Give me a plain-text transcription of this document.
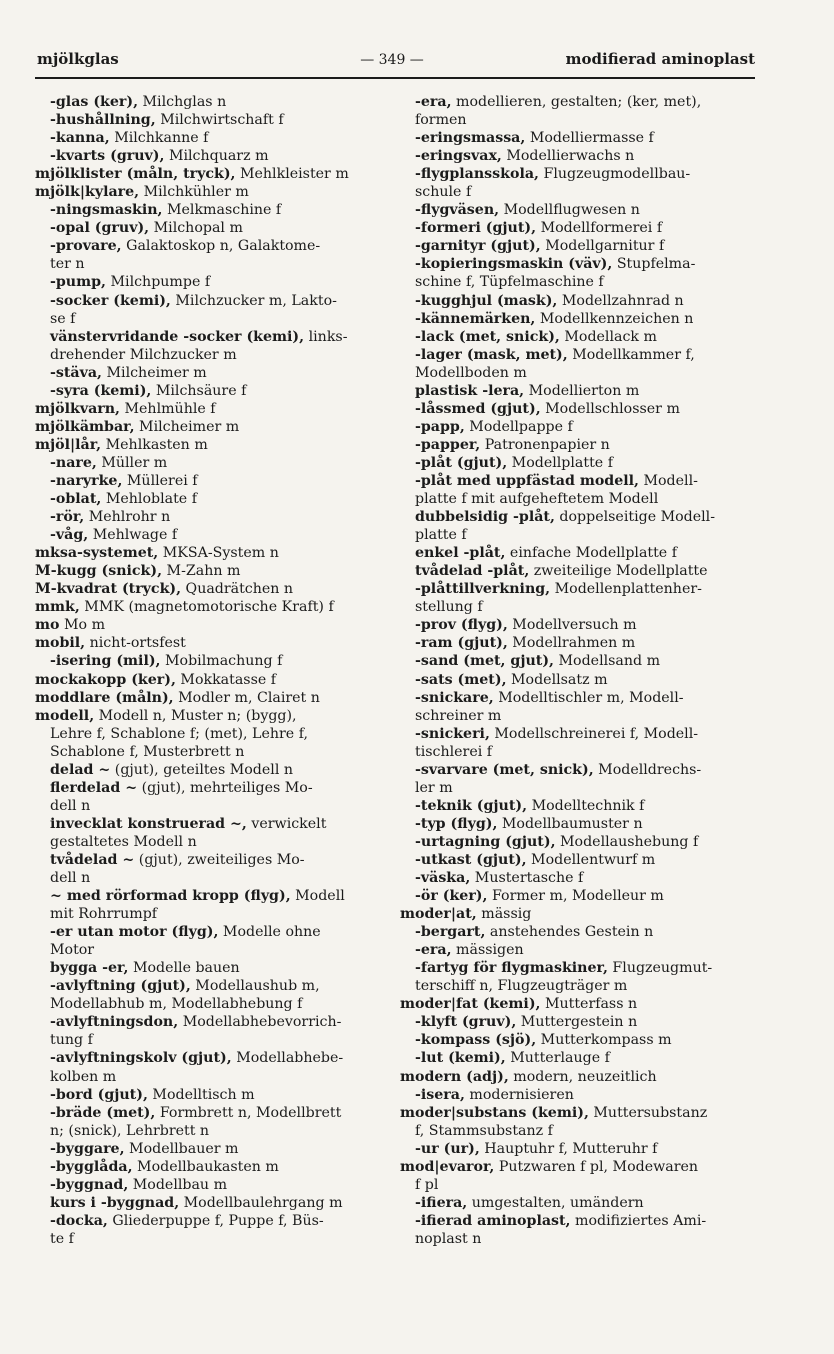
mjölkglas	— 349 —	modifierad aminoplast
-glas (ker), Milchglas n
-hushållning, Milchwirtschaft f
-kanna, Milchkanne f
-kvarts (gruv), Milchquarz m
mjölklister (måln, tryck), Mehlkleister m
mjölk|kylare, Milchkühler m
-ningsmaskin, Melkmaschine f
-opal (gruv), Milchopal m
-provare, Galaktoskop n, Galaktome-
ter n
-pump, Milchpumpe f
-socker (kemi), Milchzucker m, Laktо-
se f
vänstervridande -socker (kemi), links-
drehender Milchzucker m
-stäva, Milcheimer m
-syra (kemi), Milchsäure f
mjölkvarn, Mehlmühle f
mjölkämbar, Milcheimer m
mjöl|lår, Mehlkasten m
-nare, Müller m
-naryrke, Müllerei f
-oblat, Mehloblate f
-rör, Mehlrohr n
-våg, Mehlwage f
mksa-systemet, MKSA-System n
M-kugg (snick), M-Zahn m
M-kvadrat (tryck), Quadrätchen n
mmk, MMK (magnetomotorische Kraft) f
mo Mo m
mobil, nicht-ortsfest
-isering (mil), Mobilmachung f
mockakopp (ker), Mokkatasse f
moddlare (måln), Modler m, Clairet n
modell, Modell n, Muster n; (bygg),
Lehre f, Schablone f; (met), Lehre f,
Schablone f, Musterbrett n
delad ~ (gjut), geteiltes Modell n
flerdelad ~ (gjut), mehrteiliges Mo-
dell n
invecklat konstruerad ~, verwickelt
gestaltetes Modell n
tvådelad ~ (gjut), zweiteiliges Mo-
dell n
~ med rörformad kropp (flyg), Modell
mit Rohrrumpf
-er utan motor (flyg), Modelle ohne
Motor
bygga -er, Modelle bauen
-avlyftning (gjut), Modellaushub m,
Modellabhub m, Modellabhebung f
-avlyftningsdon, Modellabhebevorrich-
tung f
-avlyftningskolv (gjut), Modellabhebe-
kolben m
-bord (gjut), Modelltisch m
-bräde (met), Formbrett n, Modellbrett
n; (snick), Lehrbrett n
-byggare, Modellbauer m
-bygglåda, Modellbaukasten m
-byggnad, Modellbau m
kurs i -byggnad, Modellbaulehrgang m
-docka, Gliederpuppe f, Puppe f, Büs-
te f
-era, modellieren, gestalten; (ker, met),
formen
-eringsmassa, Modelliermasse f
-eringsvax, Modellierwachs n
-flygplansskola, Flugzeugmodellbau-
schule f
-flygväsen, Modellflugwesen n
-formeri (gjut), Modellformerei f
-garnityr (gjut), Modellgarnitur f
-kopieringsmaskin (väv), Stupfelma-
schine f, Tüpfelmaschine f
-kugghjul (mask), Modellzahnrad n
-kännemärken, Modellkennzeichen n
-lack (met, snick), Modellack m
-lager (mask, met), Modellkammer f,
Modellboden m
plastisk -lera, Modellierton m
-låssmed (gjut), Modellschlosser m
-papp, Modellpappe f
-papper, Patronenpapier n
-plåt (gjut), Modellplatte f
-plåt med uppfästad modell, Modell-
platte f mit aufgeheftetem Modell
dubbelsidig -plåt, doppelseitige Modell-
platte f
enkel -plåt, einfache Modellplatte f
tvådelad -plåt, zweiteilige Modellplatte
-plåttillverkning, Modellenplattenher-
stellung f
-prov (flyg), Modellversuch m
-ram (gjut), Modellrahmen m
-sand (met, gjut), Modellsand m
-sats (met), Modellsatz m
-snickare, Modelltischler m, Modell-
schreiner m
-snickeri, Modellschreinerei f, Modell-
tischlerei f
-svarvare (met, snick), Modelldrechs-
ler m
-teknik (gjut), Modelltechnik f
-typ (flyg), Modellbaumuster n
-urtagning (gjut), Modellaushebung f
-utkast (gjut), Modellentwurf m
-väska, Mustertasche f
-ör (ker), Former m, Modelleur m
moder|at, mässig
-bergart, anstehendes Gestein n
-era, mässigen
-fartyg för flygmaskiner, Flugzeugmut-
terschiff n, Flugzeugträger m
moder|fat (kemi), Mutterfass n
-klyft (gruv), Muttergestein n
-kompass (sjö), Mutterkompass m
-lut (kemi), Mutterlauge f
modern (adj), modern, neuzeitlich
-isera, modernisieren
moder|substans (kemi), Muttersubstanz
f, Stammsubstanz f
-ur (ur), Hauptuhr f, Mutteruhr f
mod|evaror, Putzwaren f pl, Modewaren
f pl
-ifiera, umgestalten, umändern
-ifierad aminoplast, modifiziertes Ami-
noplast n
